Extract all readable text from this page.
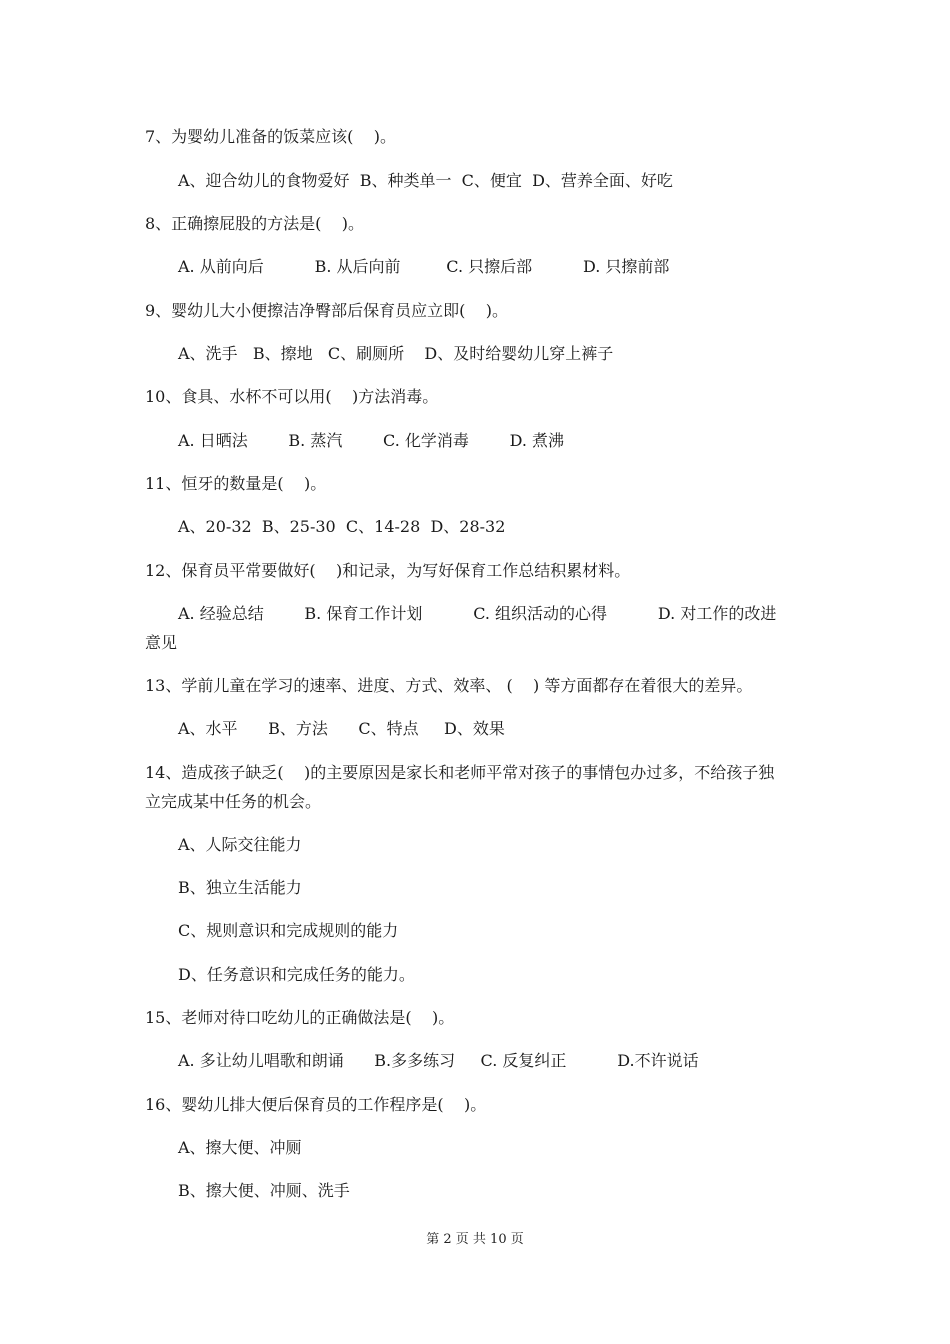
7、为婴幼儿准备的饭菜应该(    )。
A、迎合幼儿的食物爱好  B、种类单一  C、便宜  D、营养全面、好吃
8、正确擦屁股的方法是(    )。
A. 从前向后          B. 从后向前         C. 只擦后部          D. 只擦前部
9、婴幼儿大小便擦洁净臀部后保育员应立即(    )。
A、洗手   B、擦地   C、刷厕所    D、及时给婴幼儿穿上裤子
10、食具、水杯不可以用(    )方法消毒。
A. 日晒法        B. 蒸汽        C. 化学消毒        D. 煮沸
11、恒牙的数量是(    )。
A、20-32  B、25-30  C、14-28  D、28-32
12、保育员平常要做好(    )和记录，为写好保育工作总结积累材料。
A. 经验总结        B. 保育工作计划          C. 组织活动的心得          D. 对工作的改进
意见
13、学前儿童在学习的速率、进度、方式、效率、 (    ) 等方面都存在着很大的差异。
A、水平      B、方法      C、特点     D、效果
14、造成孩子缺乏(    )的主要原因是家长和老师平常对孩子的事情包办过多，不给孩子独
立完成某中任务的机会。
A、人际交往能力
B、独立生活能力
C、规则意识和完成规则的能力
D、任务意识和完成任务的能力。
15、老师对待口吃幼儿的正确做法是(    )。
A. 多让幼儿唱歌和朗诵      B.多多练习     C. 反复纠正          D.不许说话
16、婴幼儿排大便后保育员的工作程序是(    )。
A、擦大便、冲厕
B、擦大便、冲厕、洗手
第 2 页 共 10 页
